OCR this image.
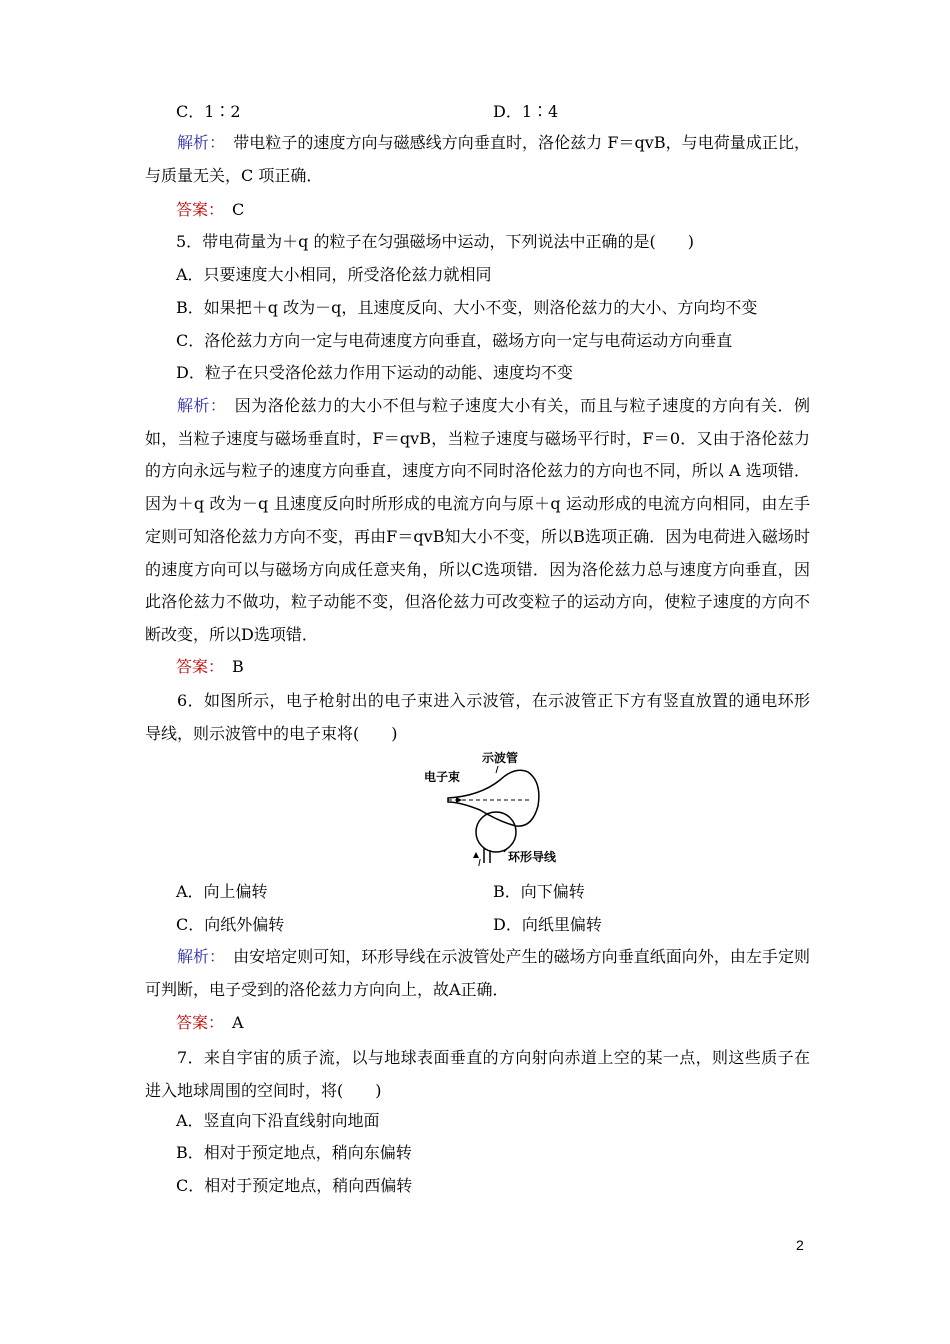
C．1∶2	D．1∶4
解析：　 带电粒子的速度方向与磁感线方向垂直时，洛伦兹力 F＝qvB，与电荷量成正比，与质量无关，C 项正确．
答案：　 C
5．带电荷量为＋q 的粒子在匀强磁场中运动，下列说法中正确的是(　　)
A．只要速度大小相同，所受洛伦兹力就相同
B．如果把＋q 改为－q，且速度反向、大小不变，则洛伦兹力的大小、方向均不变
C．洛伦兹力方向一定与电荷速度方向垂直，磁场方向一定与电荷运动方向垂直
D．粒子在只受洛伦兹力作用下运动的动能、速度均不变
解析：　 因为洛伦兹力的大小不但与粒子速度大小有关，而且与粒子速度的方向有关．例如，当粒子速度与磁场垂直时，F＝qvB，当粒子速度与磁场平行时，F＝0．又由于洛伦兹力的方向永远与粒子的速度方向垂直，速度方向不同时洛伦兹力的方向也不同，所以 A 选项错．因为＋q 改为－q 且速度反向时所形成的电流方向与原＋q 运动形成的电流方向相同，由左手定则可知洛伦兹力方向不变，再由F＝qvB知大小不变，所以B选项正确．因为电荷进入磁场时的速度方向可以与磁场方向成任意夹角，所以C选项错．因为洛伦兹力总与速度方向垂直，因此洛伦兹力不做功，粒子动能不变，但洛伦兹力可改变粒子的运动方向，使粒子速度的方向不断改变，所以D选项错．
答案：　 B
6．如图所示，电子枪射出的电子束进入示波管，在示波管正下方有竖直放置的通电环形导线，则示波管中的电子束将(　　)
示波管
电子束
I 环形导线
A．向上偏转	B．向下偏转
C．向纸外偏转	D．向纸里偏转
解析：　 由安培定则可知，环形导线在示波管处产生的磁场方向垂直纸面向外，由左手定则可判断，电子受到的洛伦兹力方向向上，故A正确．
答案：　 A
7．来自宇宙的质子流，以与地球表面垂直的方向射向赤道上空的某一点，则这些质子在进入地球周围的空间时，将(　　)
A．竖直向下沿直线射向地面
B．相对于预定地点，稍向东偏转
C．相对于预定地点，稍向西偏转
2
